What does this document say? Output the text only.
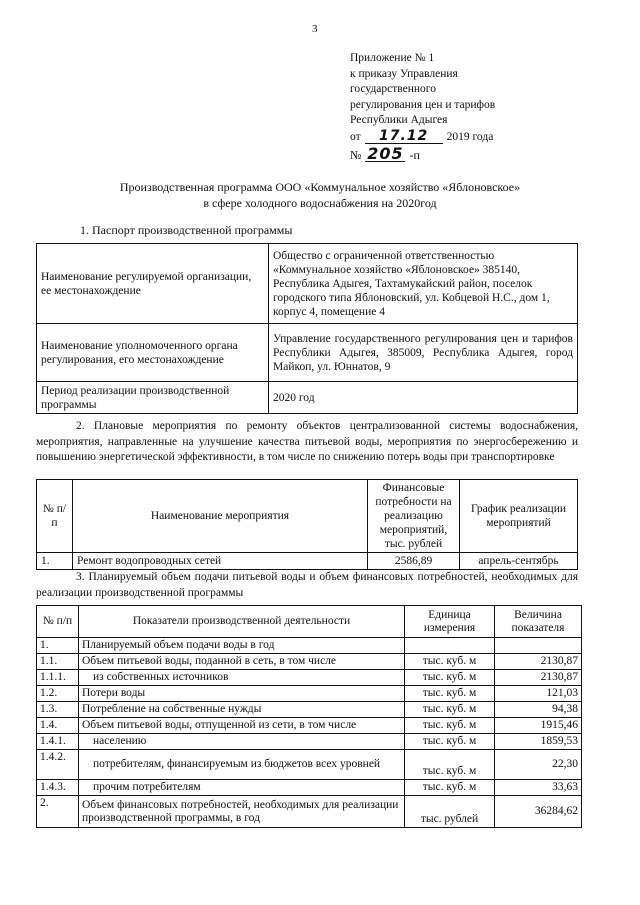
3
Приложение № 1
к приказу Управления
государственного
регулирования цен и тарифов
Республики Адыгея
от	17.12	2019 года
№ 205 -п
Производственная программа ООО «Коммунальное хозяйство «Яблоновское»
в сфере холодного водоснабжения на 2020год
1. Паспорт производственной программы
Наименование регулируемой организации, ее местонахождение	Общество с ограниченной ответственностью «Коммунальное хозяйство «Яблоновское» 385140, Республика Адыгея, Тахтамукайский район, поселок городского типа Яблоновский, ул. Кобцевой Н.С., дом 1, корпус 4, помещение 4
Наименование уполномоченного органа регулирования, его местонахождение	Управление государственного регулирования цен и тарифов Республики Адыгея, 385009, Республика Адыгея, город Майкоп, ул. Юннатов, 9
Период реализации производственной программы	2020 год
2. Плановые мероприятия по ремонту объектов централизованной системы водоснабжения, мероприятия, направленные на улучшение качества питьевой воды, мероприятия по энергосбережению и повышению энергетической эффективности, в том числе по снижению потерь воды при транспортировке
№ п/п	Наименование мероприятия	Финансовые потребности на реализацию мероприятий, тыс. рублей	График реализации мероприятий
1.	Ремонт водопроводных сетей	2586,89	апрель-сентябрь
3. Планируемый объем подачи питьевой воды и объем финансовых потребностей, необходимых для реализации производственной программы
№ п/п	Показатели производственной деятельности	Единица измерения	Величина показателя
1.	Планируемый объем подачи воды в год		
1.1.	Объем питьевой воды, поданной в сеть, в том числе	тыс. куб. м	2130,87
1.1.1.	из собственных источников	тыс. куб. м	2130,87
1.2.	Потери воды	тыс. куб. м	121,03
1.3.	Потребление на собственные нужды	тыс. куб. м	94,38
1.4.	Объем питьевой воды, отпущенной из сети, в том числе	тыс. куб. м	1915,46
1.4.1.	населению	тыс. куб. м	1859,53
1.4.2.	потребителям, финансируемым из бюджетов всех уровней	тыс. куб. м	22,30
1.4.3.	прочим потребителям	тыс. куб. м	33,63
2.	Объем финансовых потребностей, необходимых для реализации производственной программы, в год	тыс. рублей	36284,62
